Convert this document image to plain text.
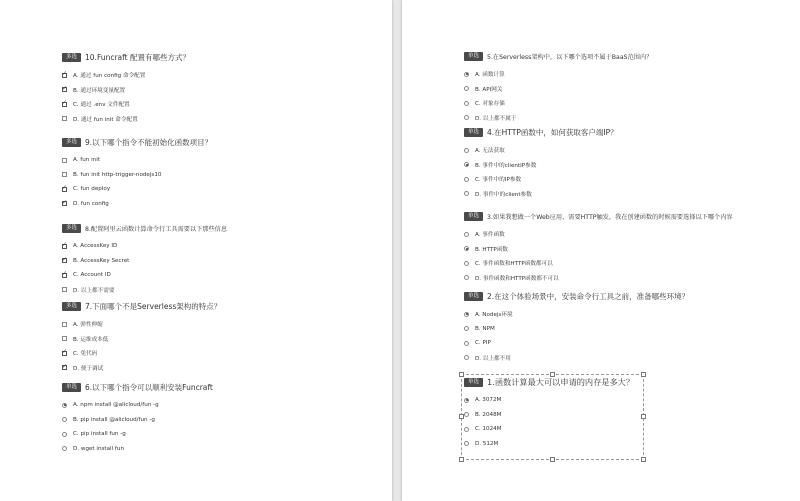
多选	10.Funcraft 配置有哪些方式？
✓
A. 通过 fun config 命令配置
✓
B. 通过环境变量配置
✓
C. 通过 .env 文件配置
D. 通过 fun init 命令配置
多选	9.以下哪个指令不能初始化函数项目？
A. fun init
B. fun init http-trigger-nodejs10
✓
C. fun deploy
✓
D. fun config
多选	8.配置阿里云函数计算命令行工具需要以下那些信息
✓
A. AccessKey ID
✓
B. AccessKey Secret
✓
C. Account ID
D. 以上都不需要
多选	7.下面哪个不是Serverless架构的特点？
A. 弹性伸缩
B. 运维成本低
✓
C. 免代码
✓
D. 便于调试
单选	6.以下哪个指令可以顺利安装Funcraft
A. npm install @alicloud/fun -g
B. pip install @alicloud/fun -g
C. pip install fun -g
D. wget install fun
单选	5.在Serverless架构中，以下哪个选项不属于BaaS范围内？
A. 函数计算
B. API网关
C. 对象存储
D. 以上都不属于
单选	4.在HTTP函数中，如何获取客户端IP？
A. 无法获取
B. 事件中的clientIP参数
C. 事件中的IP参数
D. 事件中的client参数
单选	3.如果我想做一个Web应用，需要HTTP触发，我在创建函数的时候需要选择以下哪个内容
A. 事件函数
B. HTTP函数
C. 事件函数和HTTP函数都可以
D. 事件函数和HTTP函数都不可以
单选	2.在这个体验场景中，安装命令行工具之前，准备哪些环境？
A. Nodejs环境
B. NPM
C. PIP
D. 以上都不用
单选 1.函数计算最大可以申请的内存是多大？
A. 3072M
B. 2048M
C. 1024M
D. 512M
